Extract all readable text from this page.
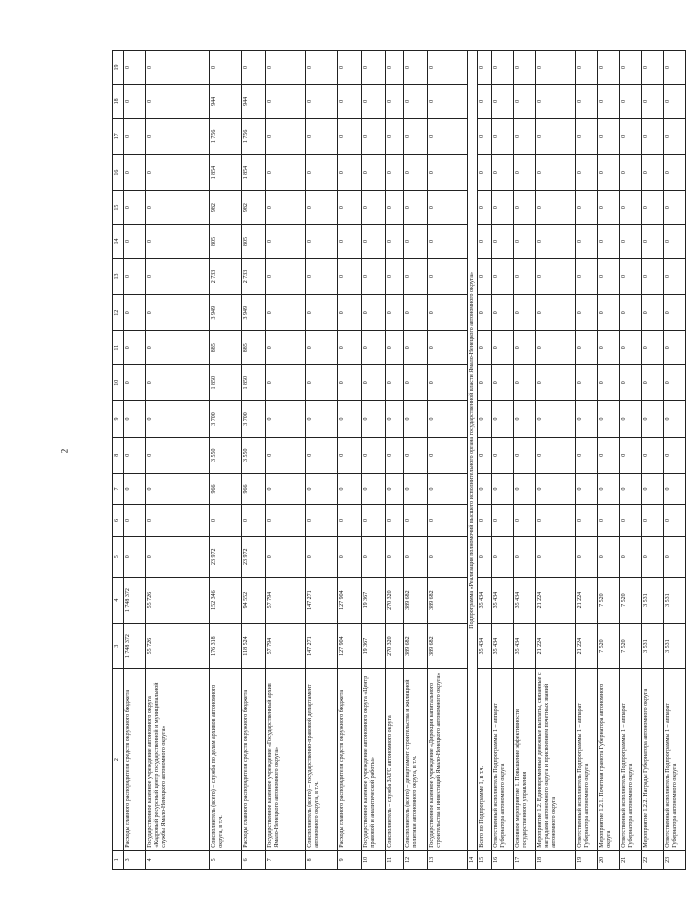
2
1	2	3	4	5	6	7	8	9	10	11	12	13	14	15	16	17	18	19
3	Расходы главного распорядителя средств окружного бюджета	1 748 372	1 748 372	0	0	0	0	0	0	0	0	0	0	0	0	0	0	0
4	Государственное казенное учреждение автономного округа «Кадровый ресурсный центр государственной и муниципальной службы Ямало-Ненецкого автономного округа»	55 726	55 726	0	0	0	0	0	0	0	0	0	0	0	0	0	0	0
5	Соисполнитель (всего) – служба по делам архивов автономного округа, в т.ч.	176 318	152 346	23 972	0	966	3 550	3 700	1 850	885	3 949	2 733	805	982	1 854	1 756	944	0
6	Расходы главного распорядителя средств окружного бюджета	118 524	94 552	23 972	0	966	3 550	3 700	1 850	885	3 949	2 733	805	982	1 854	1 756	944	0
7	Государственное казенное учреждение «Государственный архив Ямало-Ненецкого автономного округа»	57 794	57 794	0	0	0	0	0	0	0	0	0	0	0	0	0	0	0
8	Соисполнитель (всего) – государственно-правовой департамент автономного округа, в т.ч.	147 271	147 271	0	0	0	0	0	0	0	0	0	0	0	0	0	0	0
9	Расходы главного распорядителя средств окружного бюджета	127 904	127 904	0	0	0	0	0	0	0	0	0	0	0	0	0	0	0
10	Государственное казенное учреждение автономного округа «Центр правовой и аналитической работы»	19 367	19 367	0	0	0	0	0	0	0	0	0	0	0	0	0	0	0
11	Соисполнитель – служба ЗАГС автономного округа	270 320	270 320	0	0	0	0	0	0	0	0	0	0	0	0	0	0	0
12	Соисполнитель (всего) – департамент строительства и жилищной политики автономного округа, в т.ч.	389 682	389 682	0	0	0	0	0	0	0	0	0	0	0	0	0	0	0
13	Государственное казенное учреждение «Дирекция капитального строительства и инвестиций Ямало-Ненецкого автономного округа»	389 682	389 682	0	0	0	0	0	0	0	0	0	0	0	0	0	0	0
14	Подпрограмма «Реализация полномочий высшего исполнительного органа государственной власти Ямало-Ненецкого автономного округа»																	
15	Всего по Подпрограмме 1, в т.ч.	35 434	35 434	0	0	0	0	0	0	0	0	0	0	0	0	0	0	0
16	Ответственный исполнитель Подпрограммы 1 – аппарат Губернатора автономного округа	35 434	35 434	0	0	0	0	0	0	0	0	0	0	0	0	0	0	0
17	Основное мероприятие 1. Повышение эффективности государственного управления	35 434	35 434	0	0	0	0	0	0	0	0	0	0	0	0	0	0	0
18	Мероприятие 1.2. Единовременные денежные выплаты, связанные с наградами автономного округа и присвоением почетных званий автономного округа	21 224	21 224	0	0	0	0	0	0	0	0	0	0	0	0	0	0	0
19	Ответственный исполнитель Подпрограммы 1 – аппарат Губернатора автономного округа	21 224	21 224	0	0	0	0	0	0	0	0	0	0	0	0	0	0	0
20	Мероприятие 1.2.1. Почетная грамота Губернатора автономного округа	7 520	7 520	0	0	0	0	0	0	0	0	0	0	0	0	0	0	0
21	Ответственный исполнитель Подпрограммы 1 – аппарат Губернатора автономного округа	7 520	7 520	0	0	0	0	0	0	0	0	0	0	0	0	0	0	0
22	Мероприятие 1.2.2. Награды Губернатора автономного округа	3 531	3 531	0	0	0	0	0	0	0	0	0	0	0	0	0	0	0
23	Ответственный исполнитель Подпрограммы 1 – аппарат Губернатора автономного округа	3 531	3 531	0	0	0	0	0	0	0	0	0	0	0	0	0	0	0
